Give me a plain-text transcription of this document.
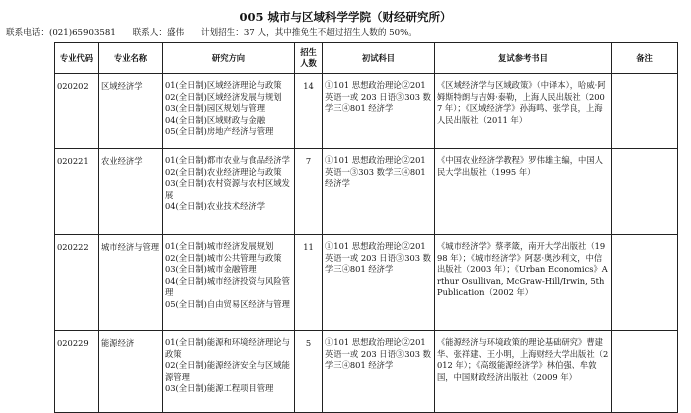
005 城市与区域科学学院（财经研究所）
联系电话：(021)65903581 联系人：盛伟 计划招生：37 人，其中推免生不超过招生人数的 50%。
专业代码	专业名称	研究方向	招生人数	初试科目	复试参考书目	备注
020202	区域经济学	01(全日制)区域经济理论与政策
02(全日制)区域经济发展与规划
03(全日制)园区规划与管理
04(全日制)区域财政与金融
05(全日制)房地产经济与管理	14	①101 思想政治理论②201 英语一或 203 日语③303 数学三④801 经济学	《区域经济学与区域政策》（中译本），哈威·阿姆斯特朗与吉姆·泰勒，上海人民出版社（2007 年）；《区域经济学》孙海鸣、张学良，上海人民出版社（2011 年）	
020221	农业经济学	01(全日制)都市农业与食品经济学
02(全日制)农业经济理论与政策
03(全日制)农村资源与农村区域发展
04(全日制)农业技术经济学	7	①101 思想政治理论②201 英语一③303 数学三④801 经济学	《中国农业经济学教程》罗伟雄主编，中国人民大学出版社（1995 年）	
020222	城市经济与管理	01(全日制)城市经济发展规划
02(全日制)城市公共管理与政策
03(全日制)城市金融管理
04(全日制)城市经济投资与风险管理
05(全日制)自由贸易区经济与管理	11	①101 思想政治理论②201 英语一或 203 日语③303 数学三④801 经济学	《城市经济学》蔡孝箴，南开大学出版社（1998 年）；《城市经济学》阿瑟·奥沙利文，中信出版社（2003 年）；《Urban Economics》Arthur Osullivan, McGraw-Hill/Irwin, 5th Publication（2002 年）	
020229	能源经济	01(全日制)能源和环境经济理论与政策
02(全日制)能源经济安全与区域能源管理
03(全日制)能源工程项目管理	5	①101 思想政治理论②201 英语一或 203 日语③303 数学三④801 经济学	《能源经济与环境政策的理论基础研究》曹建华、张祥建、王小明，上海财经大学出版社（2012 年）；《高级能源经济学》林伯强、牟敦国，中国财政经济出版社（2009 年）	
